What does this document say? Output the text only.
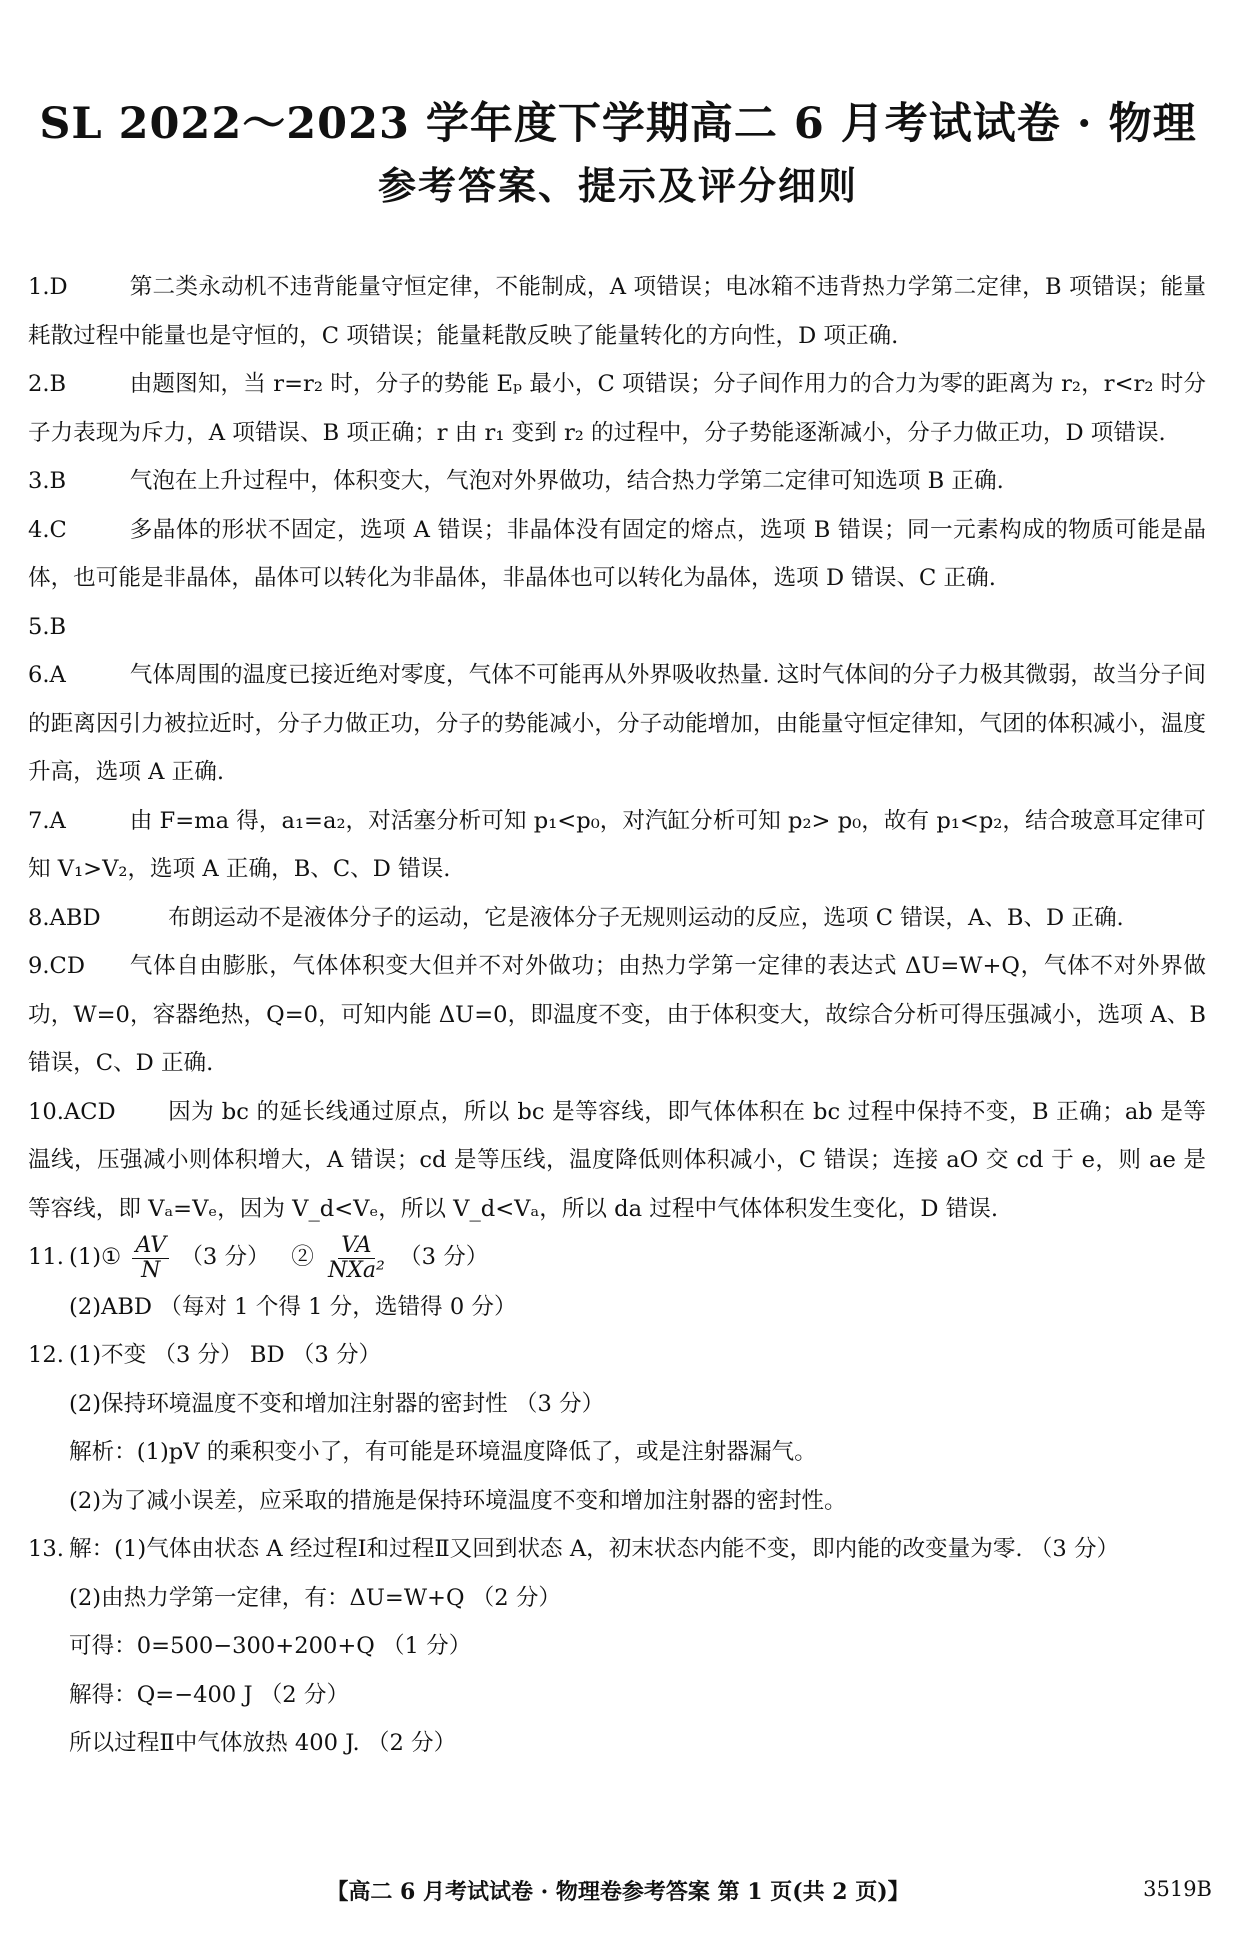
SL 2022～2023 学年度下学期高二 6 月考试试卷 · 物理
参考答案、提示及评分细则
1.D	第二类永动机不违背能量守恒定律，不能制成，A 项错误；电冰箱不违背热力学第二定律，B 项错误；能量耗散过程中能量也是守恒的，C 项错误；能量耗散反映了能量转化的方向性，D 项正确.
2.B	由题图知，当 r=r₂ 时，分子的势能 Eₚ 最小，C 项错误；分子间作用力的合力为零的距离为 r₂，r<r₂ 时分子力表现为斥力，A 项错误、B 项正确；r 由 r₁ 变到 r₂ 的过程中，分子势能逐渐减小，分子力做正功，D 项错误.
3.B	气泡在上升过程中，体积变大，气泡对外界做功，结合热力学第二定律可知选项 B 正确.
4.C	多晶体的形状不固定，选项 A 错误；非晶体没有固定的熔点，选项 B 错误；同一元素构成的物质可能是晶体，也可能是非晶体，晶体可以转化为非晶体，非晶体也可以转化为晶体，选项 D 错误、C 正确.
5.B
6.A	气体周围的温度已接近绝对零度，气体不可能再从外界吸收热量. 这时气体间的分子力极其微弱，故当分子间的距离因引力被拉近时，分子力做正功，分子的势能减小，分子动能增加，由能量守恒定律知，气团的体积减小，温度升高，选项 A 正确.
7.A	由 F=ma 得，a₁=a₂，对活塞分析可知 p₁<p₀，对汽缸分析可知 p₂> p₀，故有 p₁<p₂，结合玻意耳定律可知 V₁>V₂，选项 A 正确，B、C、D 错误.
8.ABD	布朗运动不是液体分子的运动，它是液体分子无规则运动的反应，选项 C 错误，A、B、D 正确.
9.CD	气体自由膨胀，气体体积变大但并不对外做功；由热力学第一定律的表达式 ΔU=W+Q，气体不对外界做功，W=0，容器绝热，Q=0，可知内能 ΔU=0，即温度不变，由于体积变大，故综合分析可得压强减小，选项 A、B 错误，C、D 正确.
10.ACD	因为 bc 的延长线通过原点，所以 bc 是等容线，即气体体积在 bc 过程中保持不变，B 正确；ab 是等温线，压强减小则体积增大，A 错误；cd 是等压线，温度降低则体积减小，C 错误；连接 aO 交 cd 于 e，则 ae 是等容线，即 Vₐ=Vₑ，因为 V_d<Vₑ，所以 V_d<Vₐ，所以 da 过程中气体体积发生变化，D 错误.
11. (1)① $\frac{AV}{N} (3$ 分） ② $\frac{VA}{\text{NXa²}} (3$ 分）
(2)ABD （每对 1 个得 1 分，选错得 0 分）
12. (1)不变 （3 分） BD （3 分）
(2)保持环境温度不变和增加注射器的密封性 （3 分）
解析：(1)pV 的乘积变小了，有可能是环境温度降低了，或是注射器漏气。
(2)为了减小误差，应采取的措施是保持环境温度不变和增加注射器的密封性。
13. 解：(1)气体由状态 A 经过程Ⅰ和过程Ⅱ又回到状态 A，初末状态内能不变，即内能的改变量为零. （3 分）
(2)由热力学第一定律，有：ΔU=W+Q （2 分）
可得：0=500−300+200+Q （1 分）
解得：Q=−400 J （2 分）
所以过程Ⅱ中气体放热 400 J. （2 分）
【高二 6 月考试试卷 · 物理卷参考答案 第 1 页(共 2 页)】	3519B
